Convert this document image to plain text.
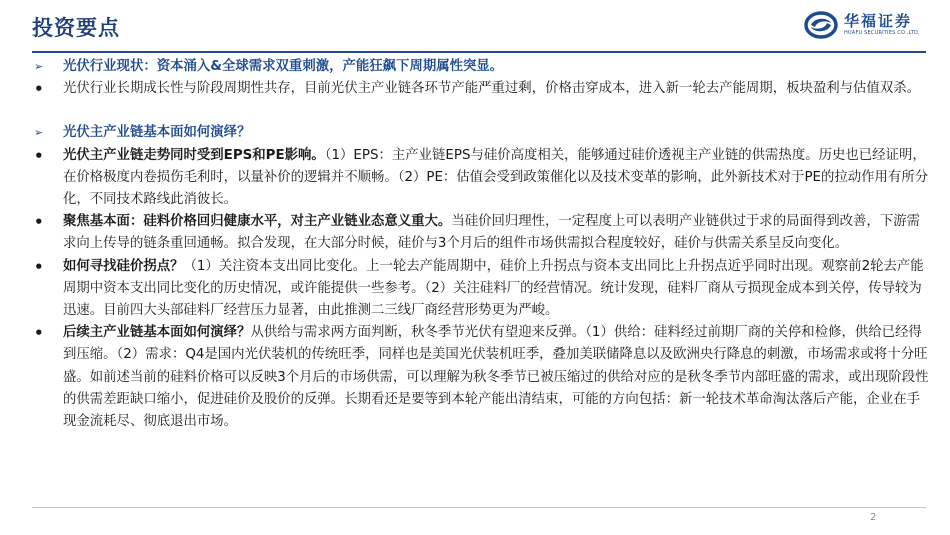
投资要点	华福证券
HUAFU SECURITIES CO.,LTD.
➢	光伏行业现状：资本涌入&全球需求双重刺激，产能狂飙下周期属性突显。
•	光伏行业长期成长性与阶段周期性共存，目前光伏主产业链各环节产能严重过剩，价格击穿成本，进入新一轮去产能周期，板块盈利与估值双杀。
➢	光伏主产业链基本面如何演绎？
•	光伏主产业链走势同时受到EPS和PE影响。（1）EPS：主产业链EPS与硅价高度相关，能够通过硅价透视主产业链的供需热度。历史也已经证明，在价格极度内卷损伤毛利时，以量补价的逻辑并不顺畅。（2）PE：估值会受到政策催化以及技术变革的影响，此外新技术对于PE的拉动作用有所分化，不同技术路线此消彼长。
•	聚焦基本面：硅料价格回归健康水平，对主产业链业态意义重大。当硅价回归理性，一定程度上可以表明产业链供过于求的局面得到改善，下游需求向上传导的链条重回通畅。拟合发现，在大部分时候，硅价与3个月后的组件市场供需拟合程度较好，硅价与供需关系呈反向变化。
•	如何寻找硅价拐点？（1）关注资本支出同比变化。上一轮去产能周期中，硅价上升拐点与资本支出同比上升拐点近乎同时出现。观察前2轮去产能周期中资本支出同比变化的历史情况，或许能提供一些参考。（2）关注硅料厂的经营情况。统计发现，硅料厂商从亏损现金成本到关停，传导较为迅速。目前四大头部硅料厂经营压力显著，由此推测二三线厂商经营形势更为严峻。
•	后续主产业链基本面如何演绎？从供给与需求两方面判断，秋冬季节光伏有望迎来反弹。（1）供给：硅料经过前期厂商的关停和检修，供给已经得到压缩。（2）需求：Q4是国内光伏装机的传统旺季，同样也是美国光伏装机旺季，叠加美联储降息以及欧洲央行降息的刺激，市场需求或将十分旺盛。如前述当前的硅料价格可以反映3个月后的市场供需，可以理解为秋冬季节已被压缩过的供给对应的是秋冬季节内部旺盛的需求，或出现阶段性的供需差距缺口缩小，促进硅价及股价的反弹。长期看还是要等到本轮产能出清结束，可能的方向包括：新一轮技术革命淘汰落后产能，企业在手现金流耗尽、彻底退出市场。
2
